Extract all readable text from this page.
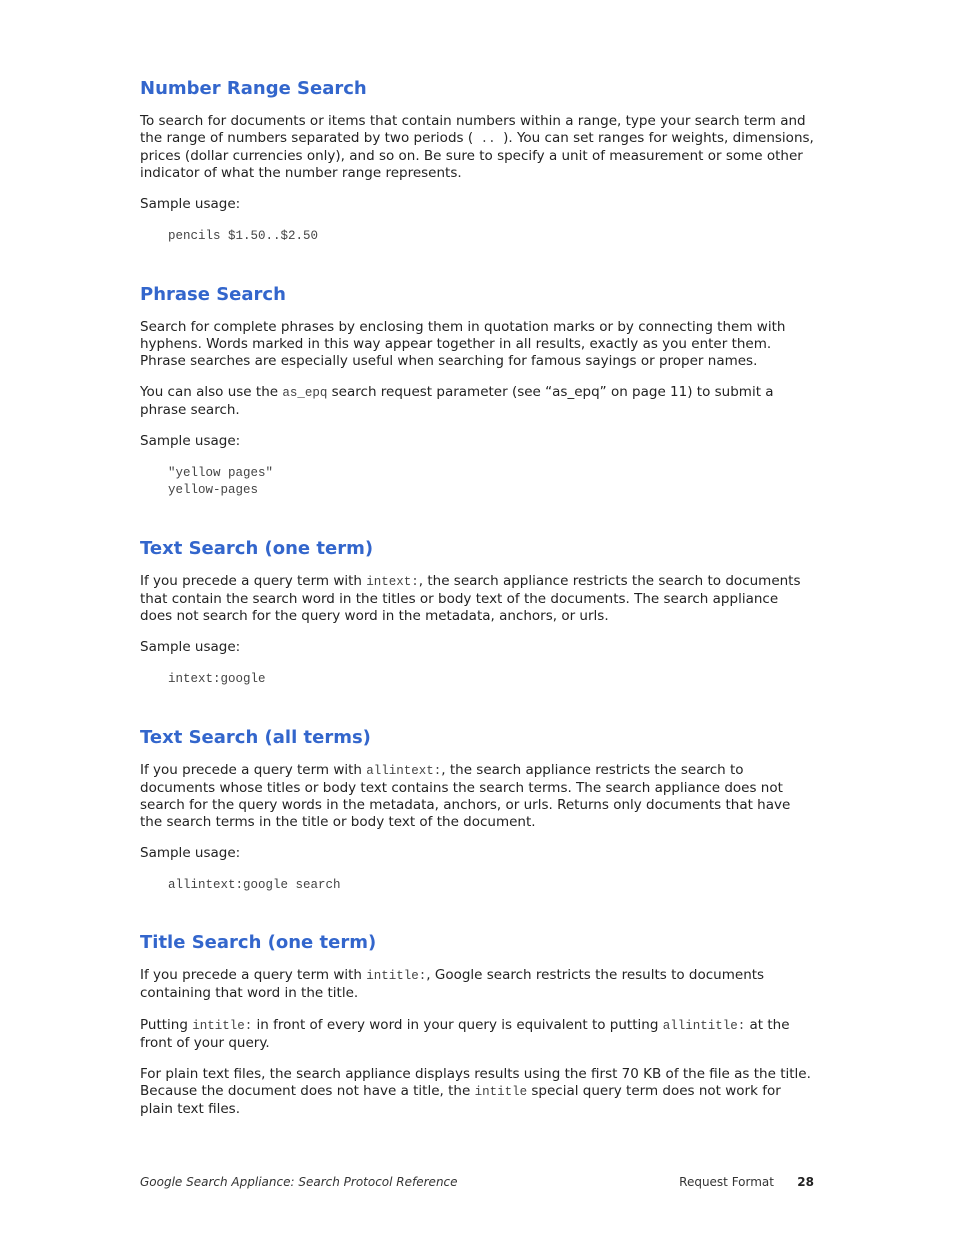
Number Range Search

To search for documents or items that contain numbers within a range, type your search term and the range of numbers separated by two periods ( .. ). You can set ranges for weights, dimensions, prices (dollar currencies only), and so on. Be sure to specify a unit of measurement or some other indicator of what the number range represents.

Sample usage:

pencils $1.50..$2.50
Phrase Search

Search for complete phrases by enclosing them in quotation marks or by connecting them with hyphens. Words marked in this way appear together in all results, exactly as you enter them. Phrase searches are especially useful when searching for famous sayings or proper names.

You can also use the as_epq search request parameter (see “as_epq” on page 11) to submit a phrase search.

Sample usage:

"yellow pages"
yellow-pages
Text Search (one term)

If you precede a query term with intext:, the search appliance restricts the search to documents that contain the search word in the titles or body text of the documents. The search appliance does not search for the query word in the metadata, anchors, or urls.

Sample usage:

intext:google
Text Search (all terms)

If you precede a query term with allintext:, the search appliance restricts the search to documents whose titles or body text contains the search terms. The search appliance does not search for the query words in the metadata, anchors, or urls. Returns only documents that have the search terms in the title or body text of the document.

Sample usage:

allintext:google search
Title Search (one term)

If you precede a query term with intitle:, Google search restricts the results to documents containing that word in the title.

Putting intitle: in front of every word in your query is equivalent to putting allintitle: at the front of your query.

For plain text files, the search appliance displays results using the first 70 KB of the file as the title. Because the document does not have a title, the intitle special query term does not work for plain text files.

Google Search Appliance: Search Protocol Reference	Request Format 28
